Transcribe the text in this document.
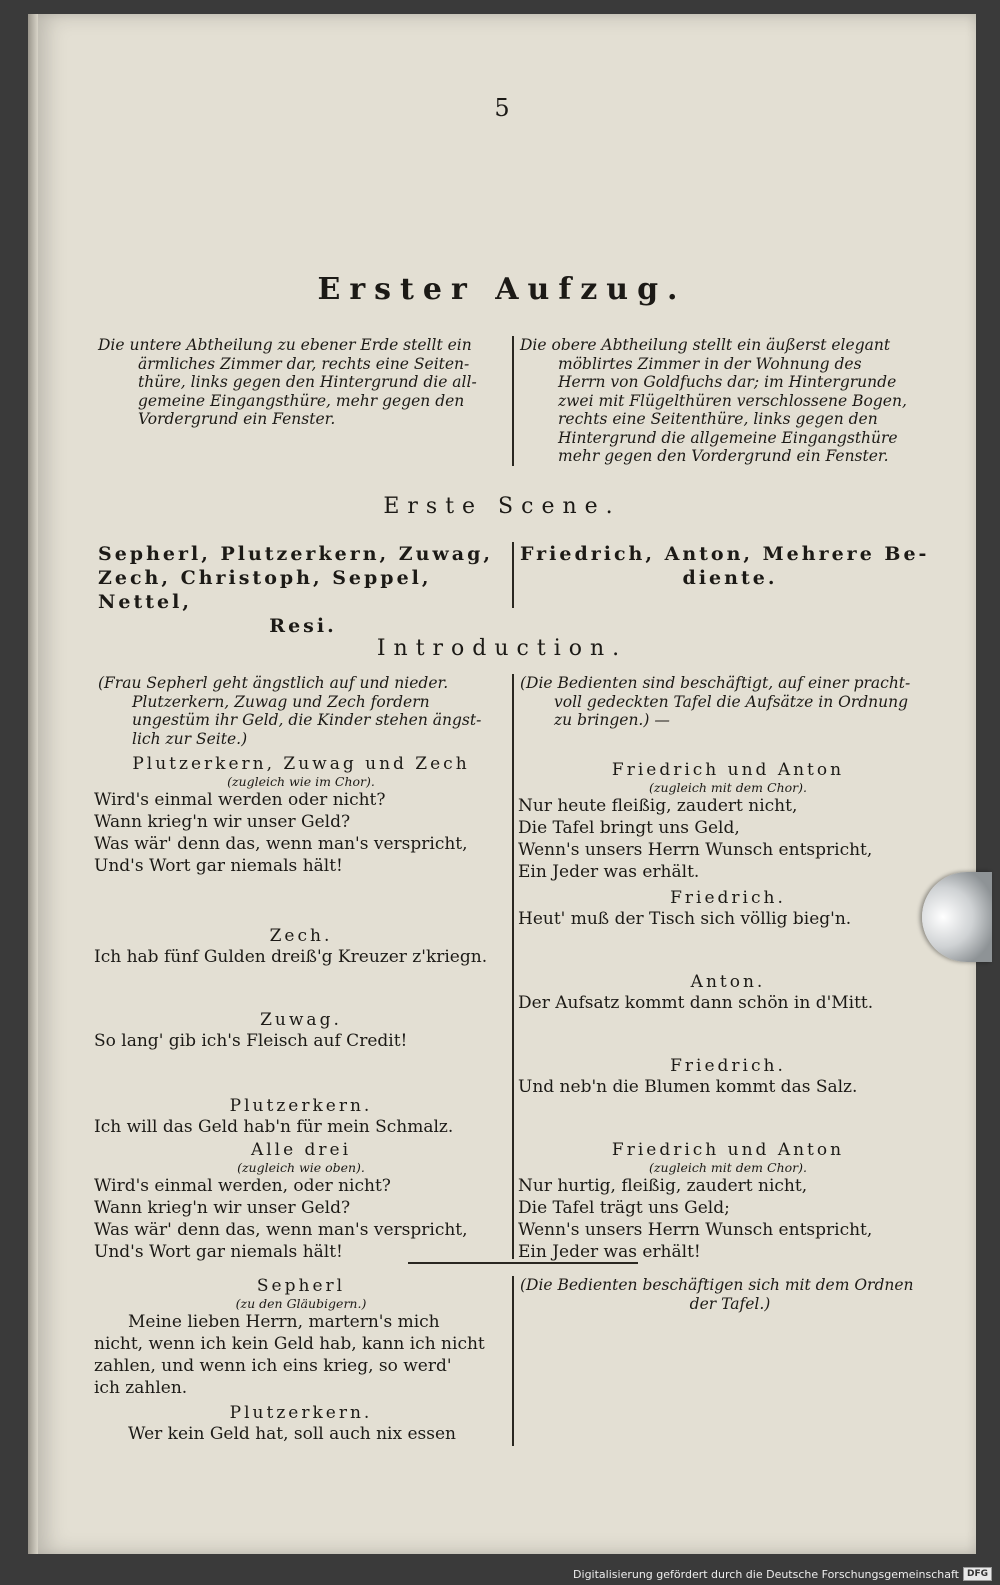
5
Erster Aufzug.
Die untere Abtheilung zu ebener Erde stellt ein
ärmliches Zimmer dar, rechts eine Seiten-
thüre, links gegen den Hintergrund die all-
gemeine Eingangsthüre, mehr gegen den
Vordergrund ein Fenster.
Die obere Abtheilung stellt ein äußerst elegant
möblirtes Zimmer in der Wohnung des
Herrn von Goldfuchs dar; im Hintergrunde
zwei mit Flügelthüren verschlossene Bogen,
rechts eine Seitenthüre, links gegen den
Hintergrund die allgemeine Eingangsthüre
mehr gegen den Vordergrund ein Fenster.
Erste Scene.
Sepherl, Plutzerkern, Zuwag,
Zech, Christoph, Seppel, Nettel,
Resi.
Friedrich, Anton, Mehrere Be-
diente.
Introduction.
(Frau Sepherl geht ängstlich auf und nieder.
Plutzerkern, Zuwag und Zech fordern
ungestüm ihr Geld, die Kinder stehen ängst-
lich zur Seite.)
(Die Bedienten sind beschäftigt, auf einer pracht-
voll gedeckten Tafel die Aufsätze in Ordnung
zu bringen.) —
Plutzerkern, Zuwag und Zech
(zugleich wie im Chor).
Wird's einmal werden oder nicht?
Wann krieg'n wir unser Geld?
Was wär' denn das, wenn man's verspricht,
Und's Wort gar niemals hält!
Zech.
Ich hab fünf Gulden dreiß'g Kreuzer z'kriegn.
Zuwag.
So lang' gib ich's Fleisch auf Credit!
Plutzerkern.
Ich will das Geld hab'n für mein Schmalz.
Alle drei
(zugleich wie oben).
Wird's einmal werden, oder nicht?
Wann krieg'n wir unser Geld?
Was wär' denn das, wenn man's verspricht,
Und's Wort gar niemals hält!
Friedrich und Anton
(zugleich mit dem Chor).
Nur heute fleißig, zaudert nicht,
Die Tafel bringt uns Geld,
Wenn's unsers Herrn Wunsch entspricht,
Ein Jeder was erhält.
Friedrich.
Heut' muß der Tisch sich völlig bieg'n.
Anton.
Der Aufsatz kommt dann schön in d'Mitt.
Friedrich.
Und neb'n die Blumen kommt das Salz.
Friedrich und Anton
(zugleich mit dem Chor).
Nur hurtig, fleißig, zaudert nicht,
Die Tafel trägt uns Geld;
Wenn's unsers Herrn Wunsch entspricht,
Ein Jeder was erhält!
Sepherl
(zu den Gläubigern.)
Meine lieben Herrn, martern's mich
nicht, wenn ich kein Geld hab, kann ich nicht
zahlen, und wenn ich eins krieg, so werd'
ich zahlen.
Plutzerkern.
Wer kein Geld hat, soll auch nix essen
(Die Bedienten beschäftigen sich mit dem Ordnen
der Tafel.)
Digitalisierung gefördert durch die Deutsche Forschungsgemeinschaft DFG
